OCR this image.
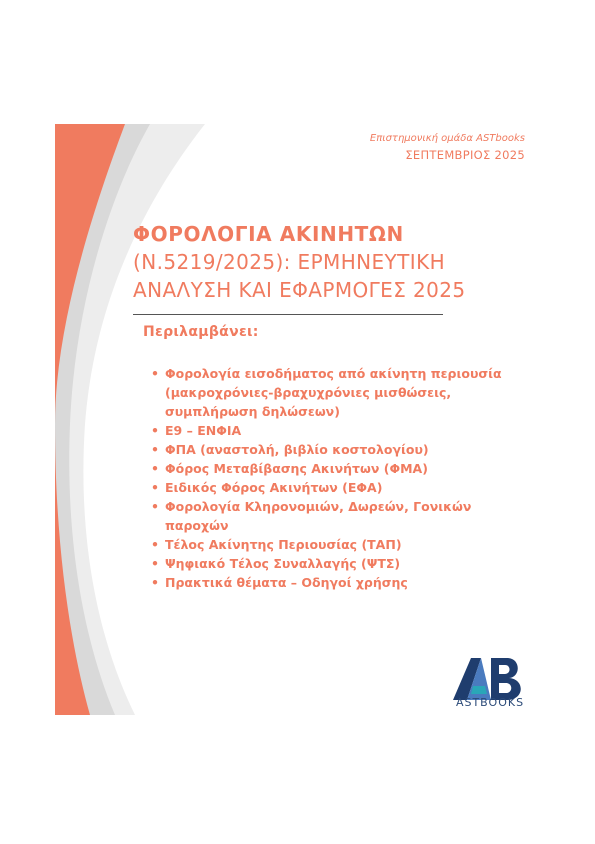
Επιστημονική ομάδα ASTbooks
ΣΕΠΤΕΜΒΡΙΟΣ 2025
ΦΟΡΟΛΟΓΙΑ ΑΚΙΝΗΤΩΝ
(Ν.5219/2025): ΕΡΜΗΝΕΥΤΙΚΗ
ΑΝΑΛΥΣΗ ΚΑΙ ΕΦΑΡΜΟΓΕΣ 2025
Περιλαμβάνει:
• Φορολογία εισοδήματος από ακίνητη περιουσία (μακροχρόνιες-βραχυχρόνιες μισθώσεις, συμπλήρωση δηλώσεων)
• Ε9 – ΕΝΦΙΑ
• ΦΠΑ (αναστολή, βιβλίο κοστολογίου)
• Φόρος Μεταβίβασης Ακινήτων (ΦΜΑ)
• Ειδικός Φόρος Ακινήτων (ΕΦΑ)
• Φορολογία Κληρονομιών, Δωρεών, Γονικών παροχών
• Τέλος Ακίνητης Περιουσίας (ΤΑΠ)
• Ψηφιακό Τέλος Συναλλαγής (ΨΤΣ)
• Πρακτικά θέματα – Οδηγοί χρήσης
ASTBOOKS
